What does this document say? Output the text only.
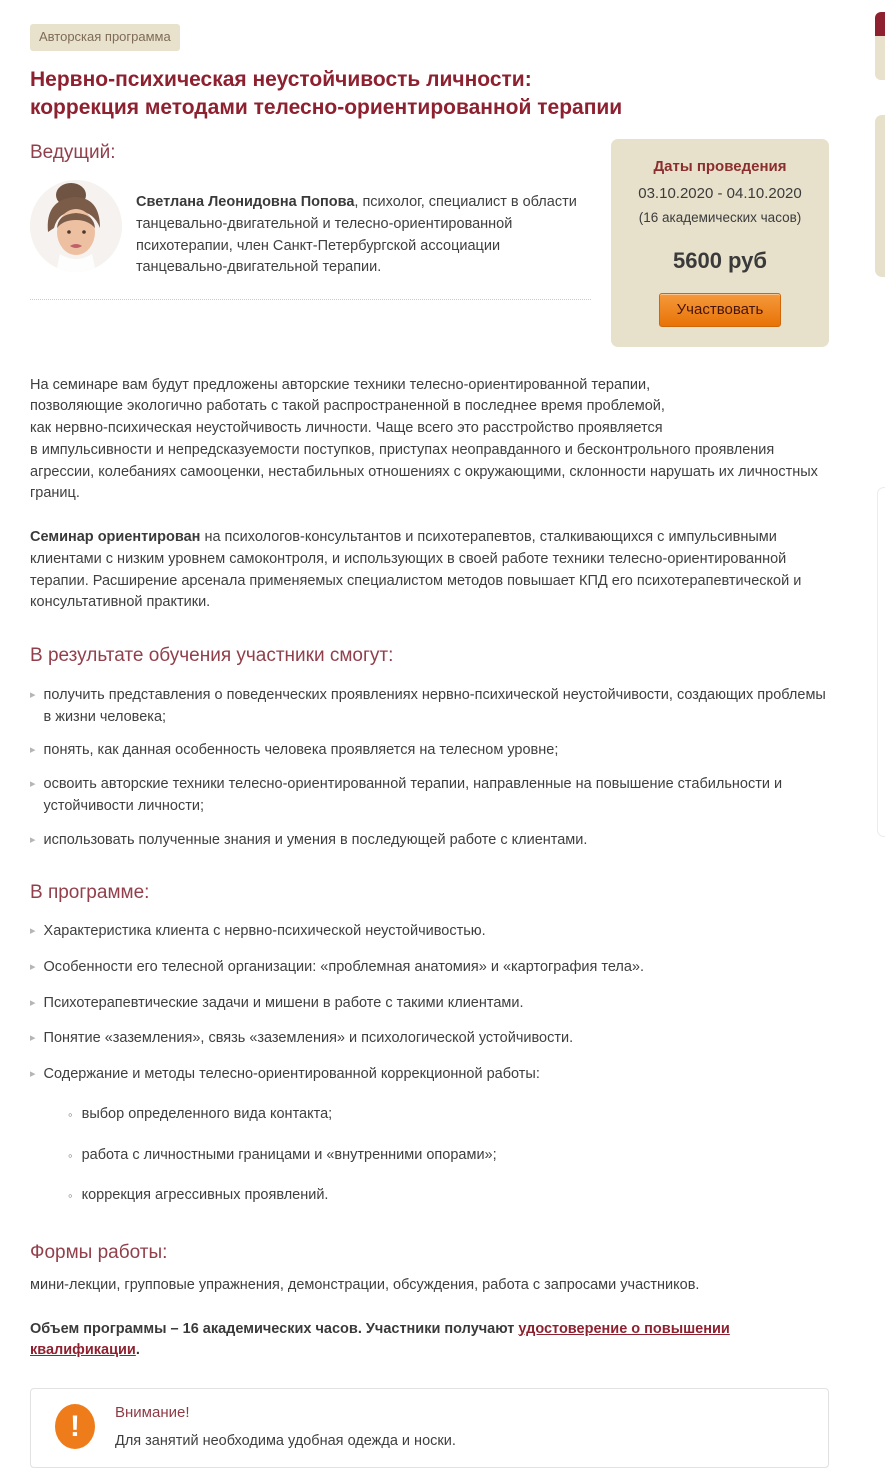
Авторская программа
Нервно-психическая неустойчивость личности:
коррекция методами телесно-ориентированной терапии
Ведущий:

Светлана Леонидовна Попова, психолог, специалист в области танцевально-двигательной и телесно-ориентированной психотерапии, член Санкт-Петербургской ассоциации танцевально-двигательной терапии.

Даты проведения
03.10.2020 - 04.10.2020
(16 академических часов)
5600 руб
Участвовать

На семинаре вам будут предложены авторские техники телесно-ориентированной терапии,
позволяющие экологично работать с такой распространенной в последнее время проблемой,
как нервно-психическая неустойчивость личности. Чаще всего это расстройство проявляется
в импульсивности и непредсказуемости поступков, приступах неоправданного и бесконтрольного проявления агрессии, колебаниях самооценки, нестабильных отношениях с окружающими, склонности нарушать их личностных границ.

Семинар ориентирован на психологов-консультантов и психотерапевтов, сталкивающихся с импульсивными клиентами с низким уровнем самоконтроля, и использующих в своей работе техники телесно-ориентированной терапии. Расширение арсенала применяемых специалистом методов повышает КПД его психотерапевтической и консультативной практики.

В результате обучения участники смогут:
▸ получить представления о поведенческих проявлениях нервно-психической неустойчивости, создающих проблемы в жизни человека;
▸ понять, как данная особенность человека проявляется на телесном уровне;
▸ освоить авторские техники телесно-ориентированной терапии, направленные на повышение стабильности и устойчивости личности;
▸ использовать полученные знания и умения в последующей работе с клиентами.
В программе:
▸ Характеристика клиента с нервно-психической неустойчивостью.
▸ Особенности его телесной организации: «проблемная анатомия» и «картография тела».
▸ Психотерапевтические задачи и мишени в работе с такими клиентами.
▸ Понятие «заземления», связь «заземления» и психологической устойчивости.
▸ Содержание и методы телесно-ориентированной коррекционной работы:
◦ выбор определенного вида контакта;
◦ работа с личностными границами и «внутренними опорами»;
◦ коррекция агрессивных проявлений.
Формы работы:

мини-лекции, групповые упражнения, демонстрации, обсуждения, работа с запросами участников.

Объем программы – 16 академических часов. Участники получают удостоверение о повышении квалификации.

!	Внимание!
Для занятий необходима удобная одежда и носки.
